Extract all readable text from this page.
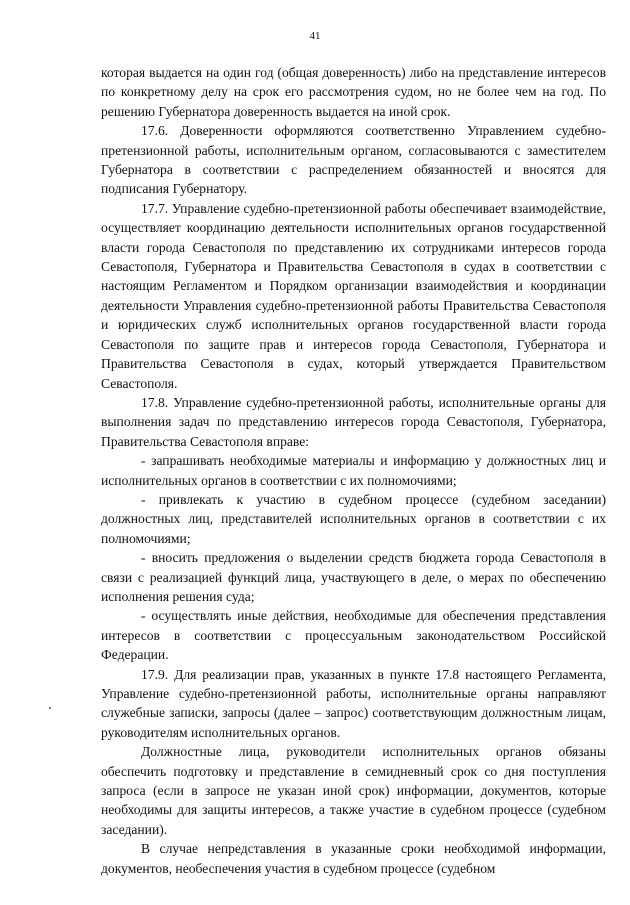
41

которая выдается на один год (общая доверенность) либо на представление интересов по конкретному делу на срок его рассмотрения судом, но не более чем на год. По решению Губернатора доверенность выдается на иной срок.

17.6. Доверенности оформляются соответственно Управлением судебно-претензионной работы, исполнительным органом, согласовываются с заместителем Губернатора в соответствии с распределением обязанностей и вносятся для подписания Губернатору.

17.7. Управление судебно-претензионной работы обеспечивает взаимодействие, осуществляет координацию деятельности исполнительных органов государственной власти города Севастополя по представлению их сотрудниками интересов города Севастополя, Губернатора и Правительства Севастополя в судах в соответствии с настоящим Регламентом и Порядком организации взаимодействия и координации деятельности Управления судебно-претензионной работы Правительства Севастополя и юридических служб исполнительных органов государственной власти города Севастополя по защите прав и интересов города Севастополя, Губернатора и Правительства Севастополя в судах, который утверждается Правительством Севастополя.

17.8. Управление судебно-претензионной работы, исполнительные органы для выполнения задач по представлению интересов города Севастополя, Губернатора, Правительства Севастополя вправе:

- запрашивать необходимые материалы и информацию у должностных лиц и исполнительных органов в соответствии с их полномочиями;

- привлекать к участию в судебном процессе (судебном заседании) должностных лиц, представителей исполнительных органов в соответствии с их полномочиями;

- вносить предложения о выделении средств бюджета города Севастополя в связи с реализацией функций лица, участвующего в деле, о мерах по обеспечению исполнения решения суда;

- осуществлять иные действия, необходимые для обеспечения представления интересов в соответствии с процессуальным законодательством Российской Федерации.

17.9. Для реализации прав, указанных в пункте 17.8 настоящего Регламента, Управление судебно-претензионной работы, исполнительные органы направляют служебные записки, запросы (далее – запрос) соответствующим должностным лицам, руководителям исполнительных органов.

Должностные лица, руководители исполнительных органов обязаны обеспечить подготовку и представление в семидневный срок со дня поступления запроса (если в запросе не указан иной срок) информации, документов, которые необходимы для защиты интересов, а также участие в судебном процессе (судебном заседании).

В случае непредставления в указанные сроки необходимой информации, документов, необеспечения участия в судебном процессе (судебном
